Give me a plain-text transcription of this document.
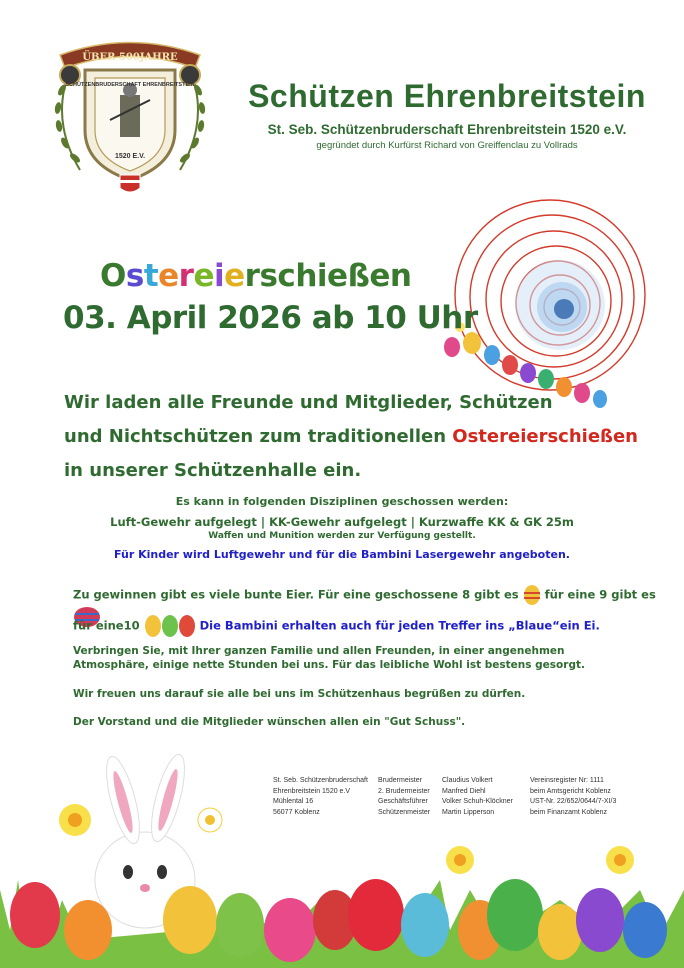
ÜBER 500JAHRE
SCHÜTZENBRUDERSCHAFT EHRENBREITSTEIN
1520 E.V.
Schützen Ehrenbreitstein
St. Seb. Schützenbruderschaft Ehrenbreitstein 1520 e.V.
gegründet durch Kurfürst Richard von Greiffenclau zu Vollrads
Ostereierschießen
03. April 2026 ab 10 Uhr
Wir laden alle Freunde und Mitglieder, Schützen
und Nichtschützen zum traditionellen Ostereierschießen
in unserer Schützenhalle ein.
Es kann in folgenden Disziplinen geschossen werden:
Luft-Gewehr aufgelegt | KK-Gewehr aufgelegt | Kurzwaffe KK & GK 25m
Waffen und Munition werden zur Verfügung gestellt.
Für Kinder wird Luftgewehr und für die Bambini Lasergewehr angeboten.
Zu gewinnen gibt es viele bunte Eier. Für eine geschossene 8 gibt es für eine 9 gibt es
für eine10	Die Bambini erhalten auch für jeden Treffer ins „Blaue“ein Ei.
Verbringen Sie, mit Ihrer ganzen Familie und allen Freunden, in einer angenehmen
Atmosphäre, einige nette Stunden bei uns. Für das leibliche Wohl ist bestens gesorgt.
Wir freuen uns darauf sie alle bei uns im Schützenhaus begrüßen zu dürfen.
Der Vorstand und die Mitglieder wünschen allen ein "Gut Schuss".
St. Seb. Schützenbruderschaft
Ehrenbreitstein 1520 e.V
Mühlental 16
56077 Koblenz
Brudermeister
2. Brudermeister
Geschäftsführer
Schützenmeister
Claudius Volkert
Manfred Diehl
Volker Schuh-Klöckner
Martin Lipperson
Vereinsregister Nr: 1111
beim Amtsgericht Koblenz
UST-Nr. 22/652/0644/7-XI/3
beim Finanzamt Koblenz
